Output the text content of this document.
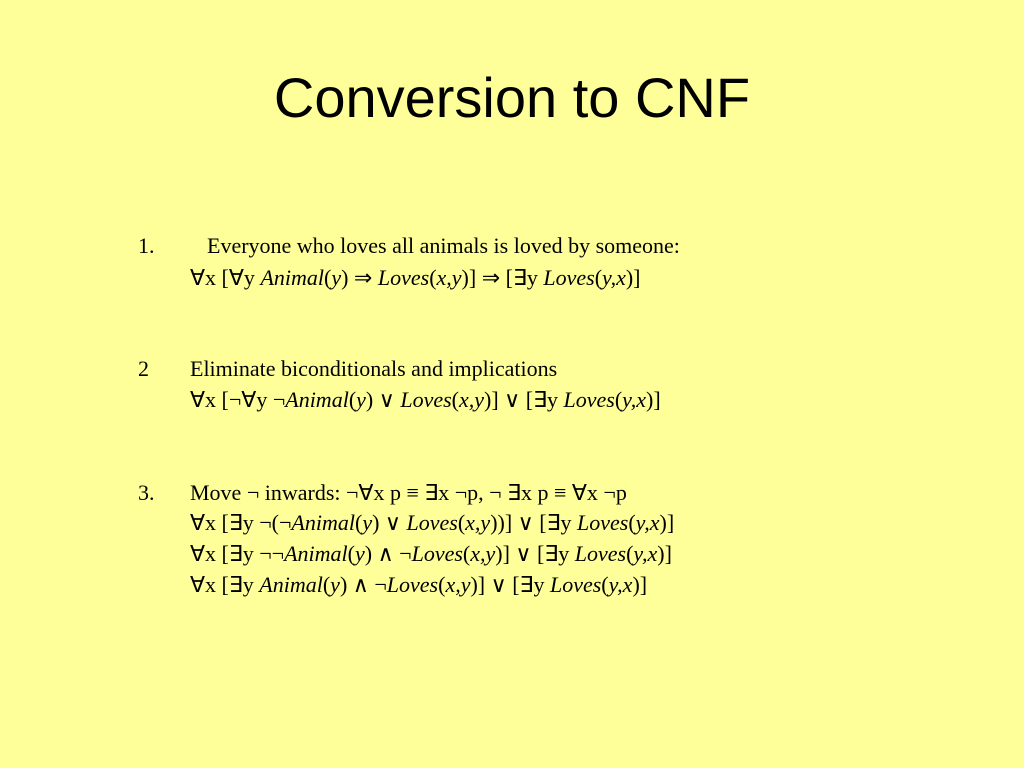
Conversion to CNF
1. Everyone who loves all animals is loved by someone:
∀x [∀y Animal(y) ⇒ Loves(x,y)] ⇒ [∃y Loves(y,x)]
2 Eliminate biconditionals and implications
∀x [¬∀y ¬Animal(y) ∨ Loves(x,y)] ∨ [∃y Loves(y,x)]
3. Move ¬ inwards: ¬∀x p ≡ ∃x ¬p, ¬ ∃x p ≡ ∀x ¬p
∀x [∃y ¬(¬Animal(y) ∨ Loves(x,y))] ∨ [∃y Loves(y,x)]
∀x [∃y ¬¬Animal(y) ∧ ¬Loves(x,y)] ∨ [∃y Loves(y,x)]
∀x [∃y Animal(y) ∧ ¬Loves(x,y)] ∨ [∃y Loves(y,x)]
